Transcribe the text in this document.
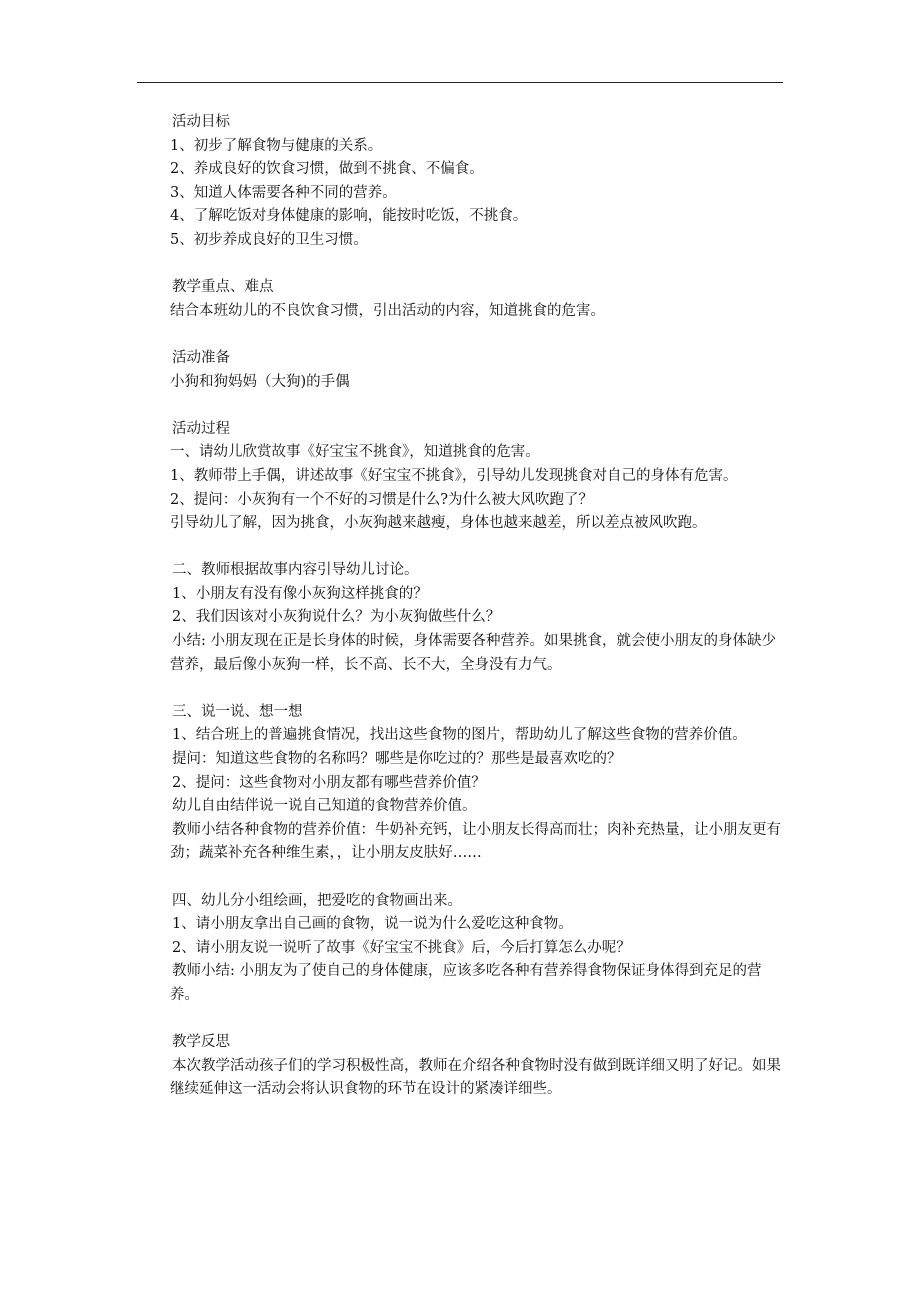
活动目标

1、初步了解食物与健康的关系。

2、养成良好的饮食习惯，做到不挑食、不偏食。

3、知道人体需要各种不同的营养。

4、了解吃饭对身体健康的影响，能按时吃饭，不挑食。

5、初步养成良好的卫生习惯。

教学重点、难点

结合本班幼儿的不良饮食习惯，引出活动的内容，知道挑食的危害。

活动准备

小狗和狗妈妈（大狗)的手偶

活动过程

一、请幼儿欣赏故事《好宝宝不挑食》，知道挑食的危害。

1、教师带上手偶，讲述故事《好宝宝不挑食》，引导幼儿发现挑食对自己的身体有危害。

2、提问：小灰狗有一个不好的习惯是什么?为什么被大风吹跑了？

引导幼儿了解，因为挑食，小灰狗越来越瘦，身体也越来越差，所以差点被风吹跑。

二、教师根据故事内容引导幼儿讨论。

1、小朋友有没有像小灰狗这样挑食的？

2、我们因该对小灰狗说什么？为小灰狗做些什么？

小结: 小朋友现在正是长身体的时候，身体需要各种营养。如果挑食，就会使小朋友的身体缺少营养，最后像小灰狗一样，长不高、长不大，全身没有力气。

三、说一说、想一想

1、结合班上的普遍挑食情况，找出这些食物的图片，帮助幼儿了解这些食物的营养价值。

提问：知道这些食物的名称吗？哪些是你吃过的？那些是最喜欢吃的？

2、提问：这些食物对小朋友都有哪些营养价值？

幼儿自由结伴说一说自己知道的食物营养价值。

教师小结各种食物的营养价值：牛奶补充钙，让小朋友长得高而壮；肉补充热量，让小朋友更有劲；蔬菜补充各种维生素，，让小朋友皮肤好……

四、幼儿分小组绘画，把爱吃的食物画出来。

1、请小朋友拿出自己画的食物，说一说为什么爱吃这种食物。

2、请小朋友说一说听了故事《好宝宝不挑食》后，今后打算怎么办呢？

教师小结: 小朋友为了使自己的身体健康，应该多吃各种有营养得食物保证身体得到充足的营养。

教学反思

本次教学活动孩子们的学习积极性高，教师在介绍各种食物时没有做到既详细又明了好记。如果继续延伸这一活动会将认识食物的环节在设计的紧凑详细些。
